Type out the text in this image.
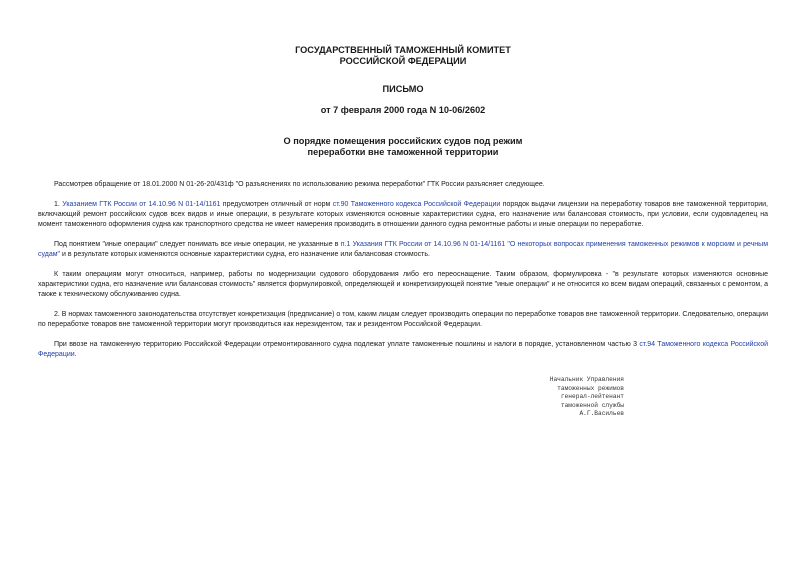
ГОСУДАРСТВЕННЫЙ ТАМОЖЕННЫЙ КОМИТЕТ
РОССИЙСКОЙ ФЕДЕРАЦИИ
ПИСЬМО
от 7 февраля 2000 года N 10-06/2602
О порядке помещения российских судов под режим
переработки вне таможенной территории

Рассмотрев обращение от 18.01.2000 N 01-26-20/431ф "О разъяснениях по использованию режима переработки" ГТК России разъясняет следующее.

1. Указанием ГТК России от 14.10.96 N 01-14/1161 предусмотрен отличный от норм ст.90 Таможенного кодекса Российской Федерации порядок выдачи лицензии на переработку товаров вне таможенной территории, включающий ремонт российских судов всех видов и иные операции, в результате которых изменяются основные характеристики судна, его назначение или балансовая стоимость, при условии, если судовладелец на момент таможенного оформления судна как транспортного средства не имеет намерения производить в отношении данного судна ремонтные работы и иные операции по переработке.

Под понятием "иные операции" следует понимать все иные операции, не указанные в п.1 Указания ГТК России от 14.10.96 N 01-14/1161 "О некоторых вопросах применения таможенных режимов к морским и речным судам" и в результате которых изменяются основные характеристики судна, его назначение или балансовая стоимость.

К таким операциям могут относиться, например, работы по модернизации судового оборудования либо его переоснащение. Таким образом, формулировка - "в результате которых изменяются основные характеристики судна, его назначение или балансовая стоимость" является формулировкой, определяющей и конкретизирующей понятие "иные операции" и не относится ко всем видам операций, связанных с ремонтом, а также к техническому обслуживанию судна.

2. В нормах таможенного законодательства отсутствует конкретизация (предписание) о том, каким лицам следует производить операции по переработке товаров вне таможенной территории. Следовательно, операции по переработке товаров вне таможенной территории могут производиться как нерезидентом, так и резидентом Российской Федерации.

При ввозе на таможенную территорию Российской Федерации отремонтированного судна подлежат уплате таможенные пошлины и налоги в порядке, установленном частью 3 ст.94 Таможенного кодекса Российской Федерации.

Начальник Управления
таможенных режимов
генерал-лейтенант
таможенной службы
А.Г.Васильев
